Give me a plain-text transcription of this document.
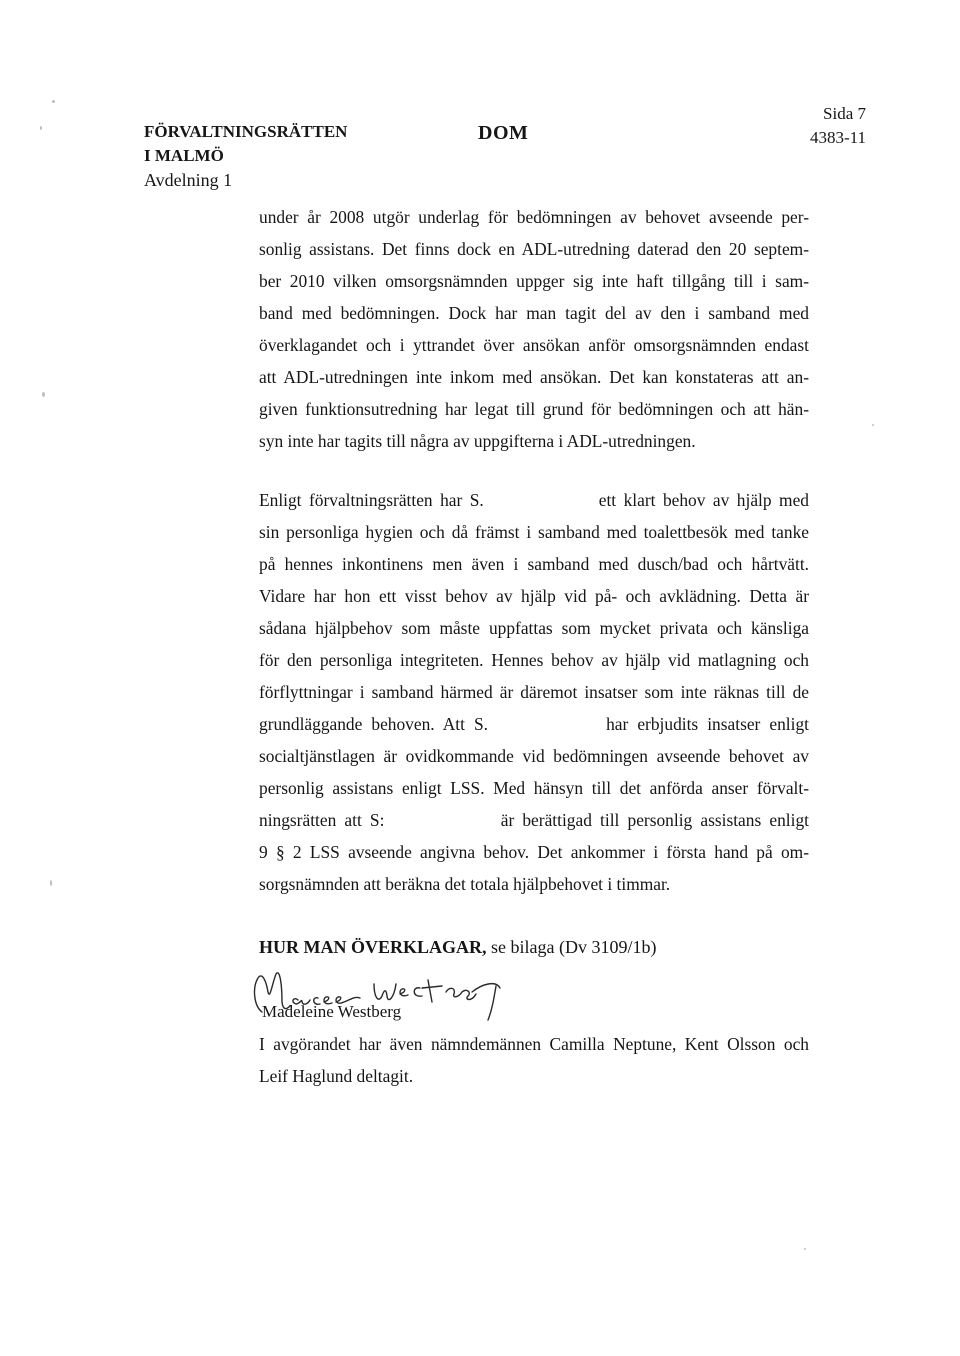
FÖRVALTNINGSRÄTTEN
I MALMÖ
Avdelning 1
DOM
Sida 7
4383-11
under år 2008 utgör underlag för bedömningen av behovet avseende per-
sonlig assistans. Det finns dock en ADL-utredning daterad den 20 septem-
ber 2010 vilken omsorgsnämnden uppger sig inte haft tillgång till i sam-
band med bedömningen. Dock har man tagit del av den i samband med
överklagandet och i yttrandet över ansökan anför omsorgsnämnden endast
att ADL-utredningen inte inkom med ansökan. Det kan konstateras att an-
given funktionsutredning har legat till grund för bedömningen och att hän-
syn inte har tagits till några av uppgifterna i ADL-utredningen.
Enligt förvaltningsrätten har S.	ett klart behov av hjälp med
sin personliga hygien och då främst i samband med toalettbesök med tanke
på hennes inkontinens men även i samband med dusch/bad och hårtvätt.
Vidare har hon ett visst behov av hjälp vid på- och avklädning. Detta är
sådana hjälpbehov som måste uppfattas som mycket privata och känsliga
för den personliga integriteten. Hennes behov av hjälp vid matlagning och
förflyttningar i samband härmed är däremot insatser som inte räknas till de
grundläggande behoven. Att S.	har erbjudits insatser enligt
socialtjänstlagen är ovidkommande vid bedömningen avseende behovet av
personlig assistans enligt LSS. Med hänsyn till det anförda anser förvalt-
ningsrätten att S:	är berättigad till personlig assistans enligt
9 § 2 LSS avseende angivna behov. Det ankommer i första hand på om-
sorgsnämnden att beräkna det totala hjälpbehovet i timmar.
HUR MAN ÖVERKLAGAR, se bilaga (Dv 3109/1b)
Madeleine Westberg
I avgörandet har även nämndemännen Camilla Neptune, Kent Olsson och
Leif Haglund deltagit.
